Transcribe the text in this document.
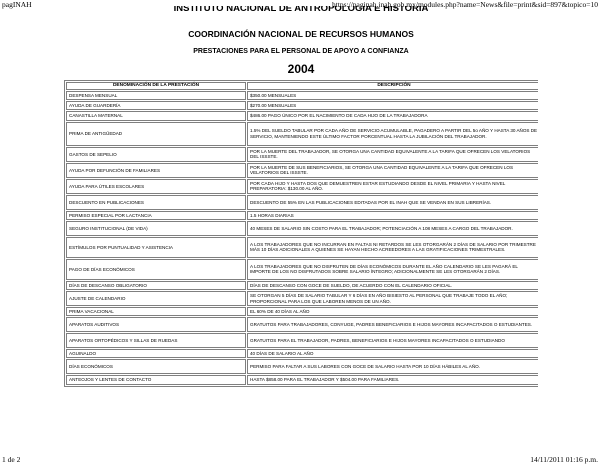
pagINAH	https://paginah.inah.gob.mx/modules.php?name=News&file=print&sid=897&topico=10
INSTITUTO NACIONAL DE ANTROPOLOGIA E HISTORIA
COORDINACIÓN NACIONAL DE RECURSOS HUMANOS
PRESTACIONES PARA EL PERSONAL DE APOYO A CONFIANZA
2004
DENOMINACIÓN DE LA PRESTACIÓN	DESCRIPCIÓN
DESPENSA MENSUAL	$350.00 MENSUALES
AYUDA DE GUARDERÍA	$270.00 MENSUALES
CANASTILLA MATERNAL	$486.00 PAGO ÚNICO POR EL NACIMIENTO DE CADA HIJO DE LA TRABAJADORA
PRIMA DE ANTIGÜEDAD	1.5% DEL SUELDO TABULAR POR CADA AÑO DE SERVICIO ACUMULABLE, PAGADERO A PARTIR DEL 5o AÑO Y HASTA 30 AÑOS DE SERVICIO, MANTENIENDO ESTE ÚLTIMO FACTOR PORCENTUAL HASTA LA JUBILACIÓN DEL TRABAJADOR.
GASTOS DE SEPELIO	POR LA MUERTE DEL TRABAJADOR, SE OTORGA UNA CANTIDAD EQUIVALENTE A LA TARIFA QUE OFRECEN LOS VELATORIOS DEL ISSSTE.
AYUDA POR DEFUNCIÓN DE FAMILIARES	POR LA MUERTE DE SUS BENEFICIARIOS, SE OTORGA UNA CANTIDAD EQUIVALENTE A LA TARIFA QUE OFRECEN LOS VELATORIOS DEL ISSSTE.
AYUDA PARA ÚTILES ESCOLARES	POR CADA HIJO Y HASTA DOS QUE DEMUESTREN ESTAR ESTUDIANDO DESDE EL NIVEL PRIMARIA Y HASTA NIVEL PREPARATORIA: $130.00 AL AÑO.
DESCUENTO EN PUBLICACIONES	DESCUENTO DE 55% EN LAS PUBLICACIONES EDITADAS POR EL INAH QUE SE VENDAN EN SUS LIBRERÍAS.
PERMISO ESPECIAL POR LACTANCIA	1.5 HORAS DIARIAS
SEGURO INSTITUCIONAL (DE VIDA)	40 MESES DE SALARIO SIN COSTO PARA EL TRABAJADOR; POTENCIACIÓN A 108 MESES A CARGO DEL TRABAJADOR.
ESTÍMULOS POR PUNTUALIDAD Y ASISTENCIA	A LOS TRABAJADORES QUE NO INCURRAN EN FALTAS NI RETARDOS SE LES OTORGARÁN 2 DÍAS DE SALARIO POR TRIMESTRE MÁS 10 DÍAS ADICIONALES A QUIENES SE HAYAN HECHO ACREEDORES A LAS GRATIFICACIONES TRIMESTRALES.
PAGO DE DÍAS ECONÓMICOS	A LOS TRABAJADORES QUE NO DISFRUTEN DE DÍAS ECONÓMICOS DURANTE EL AÑO CALENDARIO SE LES PAGARÁ EL IMPORTE DE LOS NO DISFRUTADOS SOBRE SALARIO ÍNTEGRO; ADICIONALMENTE SE LES OTORGARÁN 2 DÍAS.
DÍAS DE DESCANSO OBLIGATORIO	DÍAS DE DESCANSO CON GOCE DE SUELDO, DE ACUERDO CON EL CALENDARIO OFICIAL.
AJUSTE DE CALENDARIO	SE OTORGAN 5 DÍAS DE SALARIO TABULAR Y 6 DÍAS EN AÑO BISIESTO AL PERSONAL QUE TRABAJE TODO EL AÑO; PROPORCIONAL PARA LOS QUE LABOREN MENOS DE UN AÑO.
PRIMA VACACIONAL	EL 60% DE 40 DÍAS AL AÑO
APARATOS AUDITIVOS	GRATUITOS PARA TRABAJADORES, CONYUGE, PADRES BENEFICIARIOS E HIJOS MAYORES INCAPACITADOS O ESTUDIANTES.
APARATOS ORTOPÉDICOS Y SILLAS DE RUEDAS	GRATUITOS PARA EL TRABAJADOR, PADRES, BENEFICIARIOS E HIJOS MAYORES INCAPACITADOS O ESTUDIANDO
AGUINALDO	40 DÍAS DE SALARIO AL AÑO
DÍAS ECONÓMICOS	PERMISO PARA FALTAR A SUS LABORES CON GOCE DE SALARIO HASTA POR 10 DÍAS HÁBILES AL AÑO.
ANTEOJOS Y LENTES DE CONTACTO	HASTA $858.00 PARA EL TRABAJADOR Y $504.00 PARA FAMILIARES.
1 de 2	14/11/2011 01:16 p.m.
